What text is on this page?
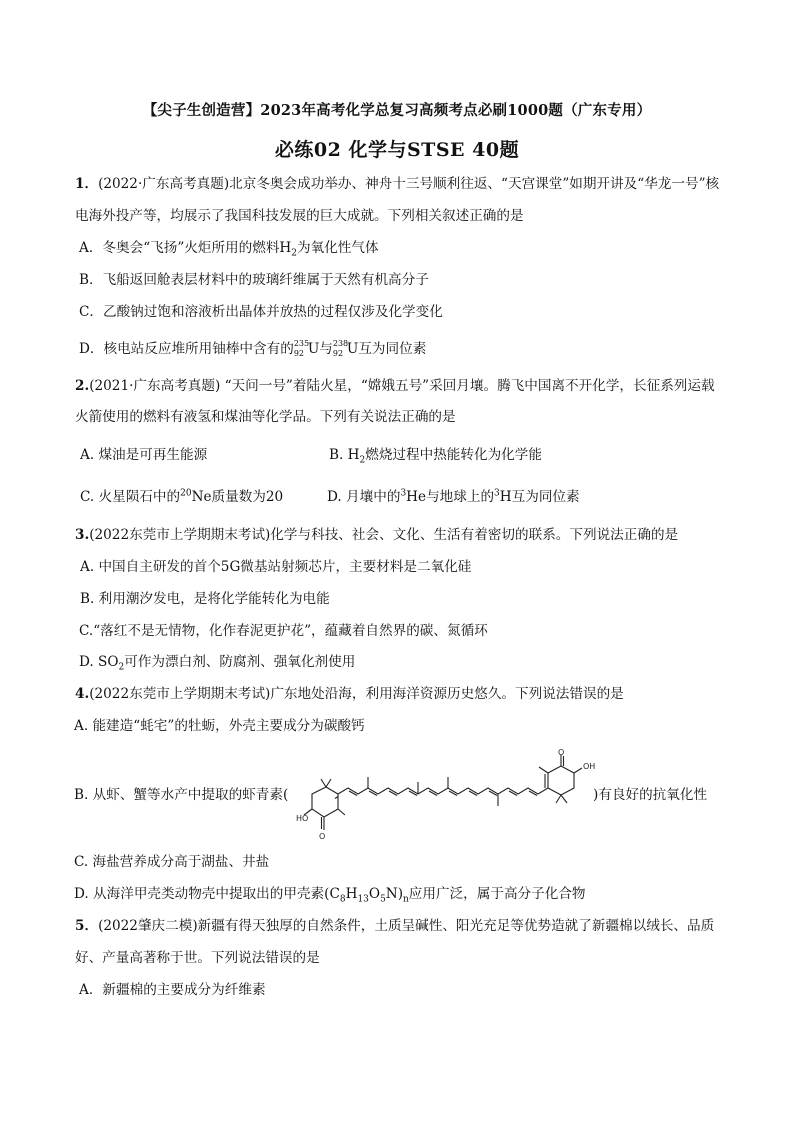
【尖子生创造营】2023年高考化学总复习高频考点必刷1000题（广东专用）
必练02 化学与STSE 40题
1．(2022·广东高考真题)北京冬奥会成功举办、神舟十三号顺利往返、“天宫课堂”如期开讲及“华龙一号”核
电海外投产等，均展示了我国科技发展的巨大成就。下列相关叙述正确的是
A．冬奥会“飞扬”火炬所用的燃料$H_2$为氧化性气体
B．飞船返回舱表层材料中的玻璃纤维属于天然有机高分子
C．乙酸钠过饱和溶液析出晶体并放热的过程仅涉及化学变化
D．核电站反应堆所用铀棒中含有的 235
92 U与 238
92 U互为同位素
2.(2021·广东高考真题) “天问一号”着陆火星，“嫦娥五号”采回月壤。腾飞中国离不开化学，长征系列运载
火箭使用的燃料有液氢和煤油等化学品。下列有关说法正确的是
A. 煤油是可再生能源	B. $H_2$燃烧过程中热能转化为化学能
C. 火星陨石中的$^{20}$Ne质量数为20	D. 月壤中的$^3$He与地球上的$^3$H互为同位素
3.(2022东莞市上学期期末考试)化学与科技、社会、文化、生活有着密切的联系。下列说法正确的是
A. 中国自主研发的首个5G微基站射频芯片，主要材料是二氧化硅
B. 利用潮汐发电，是将化学能转化为电能
C.“落红不是无情物，化作春泥更护花”，蕴藏着自然界的碳、氮循环
D. $SO_2$可作为漂白剂、防腐剂、强氧化剂使用
4.(2022东莞市上学期期末考试)广东地处沿海，利用海洋资源历史悠久。下列说法错误的是
A. 能建造“蚝宅”的牡蛎，外壳主要成分为碳酸钙
B. 从虾、蟹等水产中提取的虾青素(	)有良好的抗氧化性
HO
O
OH
O
C. 海盐营养成分高于湖盐、井盐
D. 从海洋甲壳类动物壳中提取出的甲壳素$(C_8H_{13}O_5N)_n$应用广泛，属于高分子化合物
5．(2022肇庆二模)新疆有得天独厚的自然条件，土质呈碱性、阳光充足等优势造就了新疆棉以绒长、品质
好、产量高著称于世。下列说法错误的是
A．新疆棉的主要成分为纤维素
